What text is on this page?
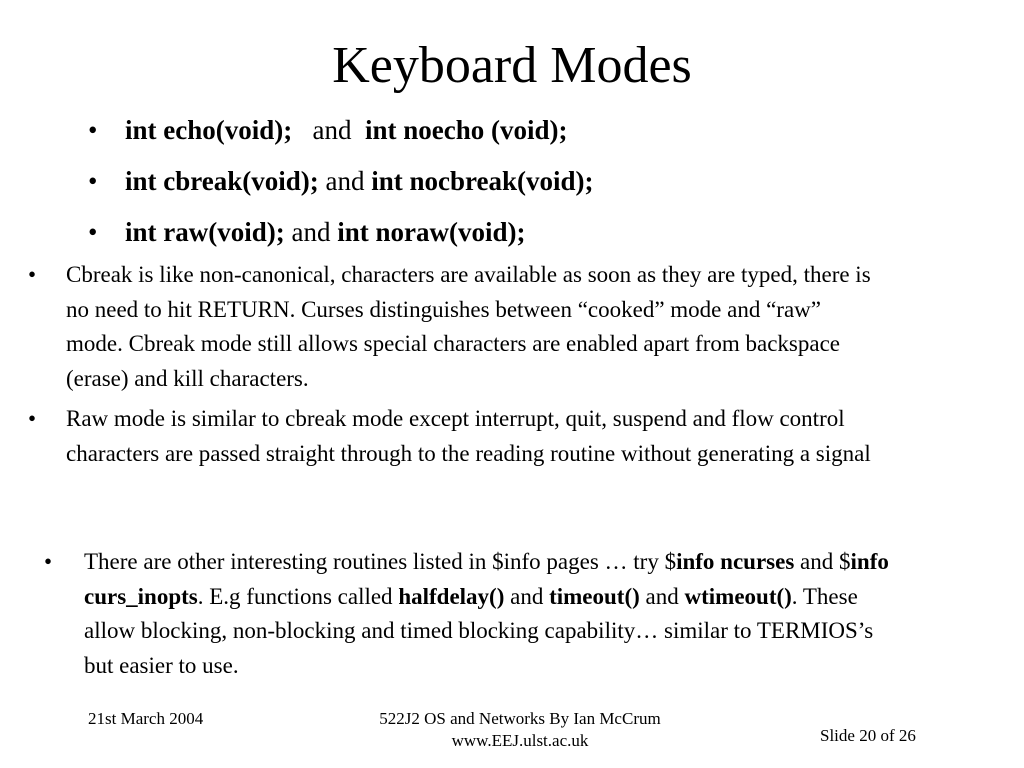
Keyboard Modes
• int echo(void); and int noecho (void);
• int cbreak(void); and int nocbreak(void);
• int raw(void); and int noraw(void);
• Cbreak is like non-canonical, characters are available as soon as they are typed, there is no need to hit RETURN. Curses distinguishes between “cooked” mode and “raw” mode. Cbreak mode still allows special characters are enabled apart from backspace (erase) and kill characters.
• Raw mode is similar to cbreak mode except interrupt, quit, suspend and flow control characters are passed straight through to the reading routine without generating a signal
• There are other interesting routines listed in $info pages … try $info ncurses and $info curs_inopts. E.g functions called halfdelay() and timeout() and wtimeout(). These allow blocking, non-blocking and timed blocking capability… similar to TERMIOS’s but easier to use.
21st March 2004	522J2 OS and Networks By Ian McCrum
www.EEJ.ulst.ac.uk	Slide 20 of 26
